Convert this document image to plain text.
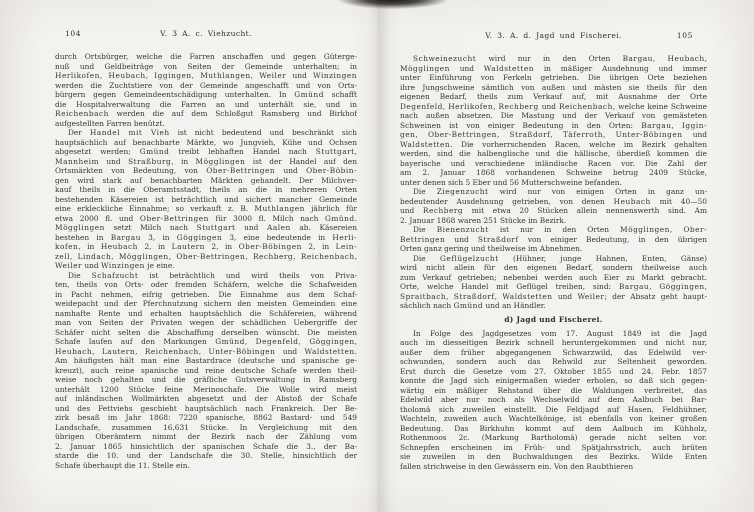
104	V. 3 A. c. Viehzucht.
durch Ortsbürger, welche die Farren anschaffen und gegen Güterge-
nuß und Geldbeiträge von Seiten der Gemeinde unterhalten; in
Herlikofen, Heubach, Iggingen, Muthlangen, Weiler und Winzingen
werden die Zuchtstiere von der Gemeinde angeschafft und von Orts-
bürgern gegen Gemeindeentschädigung unterhalten. In Gmünd schafft
die Hospitalverwaltung die Farren an und unterhält sie, und in
Reichenbach werden die auf dem Schloßgut Ramsberg und Birkhof
aufgestellten Farren benützt.
Der Handel mit Vieh ist nicht bedeutend und beschränkt sich
hauptsächlich auf benachbarte Märkte, wo Jungvieh, Kühe und Ochsen
abgesetzt werden; Gmünd treibt lebhaften Handel nach Stuttgart,
Mannheim und Straßburg, in Mögglingen ist der Handel auf den
Ortsmärkten von Bedeutung, von Ober-Bettringen und Ober-Böbin-
gen wird stark auf benachbarten Märkten gehandelt. Der Milchver-
kauf theils in die Oberamtsstadt, theils an die in mehreren Orten
bestehenden Käsereien ist beträchtlich und sichert mancher Gemeinde
eine erkleckliche Einnahme; so verkauft z. B. Muthlangen jährlich für
etwa 2000 fl. und Ober-Bettringen für 3000 fl. Milch nach Gmünd.
Mögglingen setzt Milch nach Stuttgart und Aalen ab. Käsereien
bestehen in Bargau 3, in Göggingen 3, eine bedeutende in Herli-
kofen, in Heubach 2, in Lautern 2, in Ober-Böbingen 2, in Lein-
zell, Lindach, Mögglingen, Ober-Bettringen, Rechberg, Reichenbach,
Weiler und Winzingen je eine.
Die Schafzucht ist beträchtlich und wird theils von Priva-
ten, theils von Orts- oder fremden Schäfern, welche die Schafweiden
in Pacht nehmen, eifrig getrieben. Die Einnahme aus dem Schaf-
weidepacht und der Pferchnutzung sichern den meisten Gemeinden eine
namhafte Rente und erhalten hauptsächlich die Schäfereien, während
man von Seiten der Privaten wegen der schädlichen Uebergriffe der
Schäfer nicht selten die Abschaffung derselben wünscht. Die meisten
Schafe laufen auf den Markungen Gmünd, Degenfeld, Göggingen,
Heubach, Lautern, Reichenbach, Unter-Böbingen und Waldstetten.
Am häufigsten hält man eine Bastardrace (deutsche und spanische ge-
kreuzt), auch reine spanische und reine deutsche Schafe werden theil-
weise noch gehalten und die gräfliche Gutsverwaltung in Ramsberg
unterhält 1200 Stücke feine Merinoschafe. Die Wolle wird meist
auf inländischen Wollmärkten abgesetzt und der Abstoß der Schafe
und des Fettviehs geschieht hauptsächlich nach Frankreich. Der Be-
zirk besaß im Jahr 1868: 7220 spanische, 8862 Bastard- und 549
Landschafe, zusammen 16,631 Stücke. In Vergleichung mit den
übrigen Oberämtern nimmt der Bezirk nach der Zählung vom
2. Januar 1865 hinsichtlich der spanischen Schafe die 3., der Ba-
starde die 10. und der Landschafe die 30. Stelle, hinsichtlich der
Schafe überhaupt die 11. Stelle ein.
V. 3. A. d. Jagd und Fischerei.	105
Schweinezucht wird nur in den Orten Bargau, Heubach,
Mögglingen und Waldstetten in mäßiger Ausdehnung und immer
unter Einführung von Ferkeln getrieben. Die übrigen Orte beziehen
ihre Jungschweine sämtlich von außen und mästen sie theils für den
eigenen Bedarf, theils zum Verkauf auf, mit Ausnahme der Orte
Degenfeld, Herlikofen, Rechberg und Reichenbach, welche keine Schweine
nach außen absetzen. Die Mastung und der Verkauf von gemästeten
Schweinen ist von einiger Bedeutung in den Orten: Bargau, Iggin-
gen, Ober-Bettringen, Straßdorf, Täferroth, Unter-Böbingen und
Waldstetten. Die vorherrschenden Racen, welche im Bezirk gehalten
werden, sind die halbenglische und die hällische, überdieß kommen die
bayerische und verschiedene inländische Racen vor. Die Zahl der
am 2. Januar 1868 vorhandenen Schweine betrug 2409 Stücke,
unter denen sich 5 Eber und 56 Mutterschweine befanden.
Die Ziegenzucht wird nur von einigen Orten in ganz un-
bedeutender Ausdehnung getrieben, von denen Heubach mit 40—50
und Rechberg mit etwa 20 Stücken allein nennenswerth sind. Am
2. Januar 1868 waren 251 Stücke im Bezirk.
Die Bienenzucht ist nur in den Orten Mögglingen, Ober-
Bettringen und Straßdorf von einiger Bedeutung, in den übrigen
Orten ganz gering und theilweise im Abnehmen.
Die Geflügelzucht (Hühner, junge Hahnen, Enten, Gänse)
wird nicht allein für den eigenen Bedarf, sondern theilweise auch
zum Verkauf getrieben; nebenbei werden auch Eier zu Markt gebracht.
Orte, welche Handel mit Geflügel treiben, sind: Bargau, Göggingen,
Spraitbach, Straßdorf, Waldstetten und Weiler; der Absatz geht haupt-
sächlich nach Gmünd und an Händler.
d) Jagd und Fischerei.
In Folge des Jagdgesetzes vom 17. August 1849 ist die Jagd
auch im diesseitigen Bezirk schnell heruntergekommen und nicht nur,
außer dem früher abgegangenen Schwarzwild, das Edelwild ver-
schwunden, sondern auch das Rehwild zur Seltenheit geworden.
Erst durch die Gesetze vom 27. Oktober 1855 und 24. Febr. 1857
konnte die Jagd sich einigermaßen wieder erholen, so daß sich gegen-
wärtig ein mäßiger Rehstand über die Waldungen verbreitet, das
Edelwild aber nur noch als Wechselwild auf dem Aalbuch bei Bar-
tholomä sich zuweilen einstellt. Die Feldjagd auf Hasen, Feldhühner,
Wachteln, zuweilen auch Wachtelkönige, ist ebenfalls von keiner großen
Bedeutung. Das Birkhuhn kommt auf dem Aalbuch im Kühholz,
Rothenmoos 2c. (Markung Bartholomä) gerade nicht selten vor.
Schnepfen erscheinen im Früh- und Spätjahrsstrich, auch brüten
sie zuweilen in den Buchwaldungen des Bezirks. Wilde Enten
fallen strichweise in den Gewässern ein. Von den Raubthieren
